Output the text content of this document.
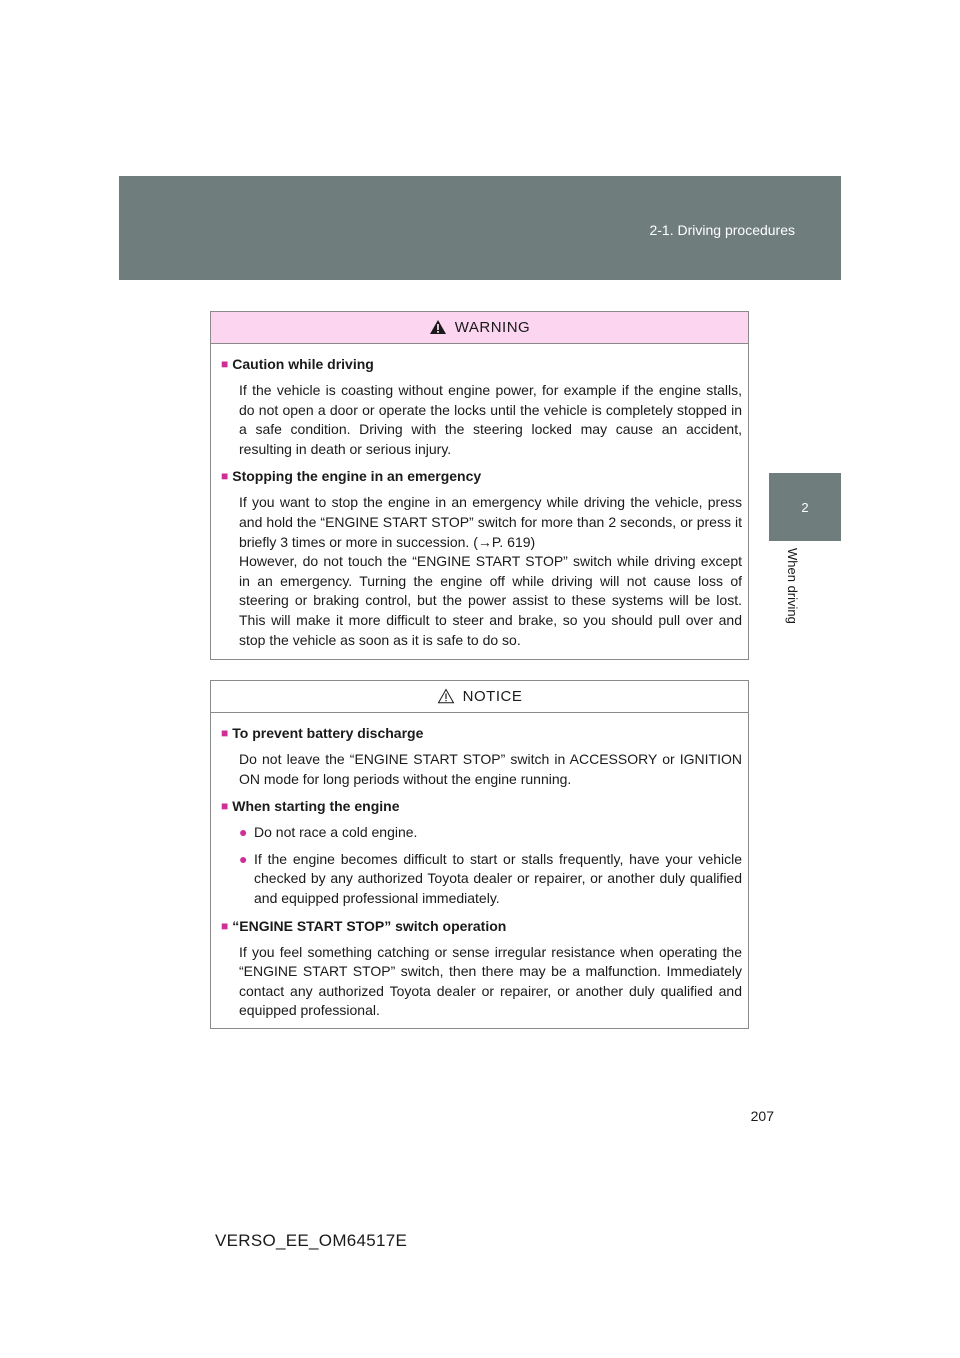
2-1. Driving procedures
2
When driving
WARNING
■ Caution while driving

If the vehicle is coasting without engine power, for example if the engine stalls, do not open a door or operate the locks until the vehicle is completely stopped in a safe condition. Driving with the steering locked may cause an accident, resulting in death or serious injury.

■ Stopping the engine in an emergency

If you want to stop the engine in an emergency while driving the vehicle, press and hold the “ENGINE START STOP” switch for more than 2 seconds, or press it briefly 3 times or more in succession. (→P. 619)

However, do not touch the “ENGINE START STOP” switch while driving except in an emergency. Turning the engine off while driving will not cause loss of steering or braking control, but the power assist to these systems will be lost. This will make it more difficult to steer and brake, so you should pull over and stop the vehicle as soon as it is safe to do so.

NOTICE
■ To prevent battery discharge

Do not leave the “ENGINE START STOP” switch in ACCESSORY or IGNITION ON mode for long periods without the engine running.

■ When starting the engine
● Do not race a cold engine.
● If the engine becomes difficult to start or stalls frequently, have your vehicle checked by any authorized Toyota dealer or repairer, or another duly qualified and equipped professional immediately.
■ “ENGINE START STOP” switch operation

If you feel something catching or sense irregular resistance when operating the “ENGINE START STOP” switch, then there may be a malfunction. Immediately contact any authorized Toyota dealer or repairer, or another duly qualified and equipped professional.

207
VERSO_EE_OM64517E
